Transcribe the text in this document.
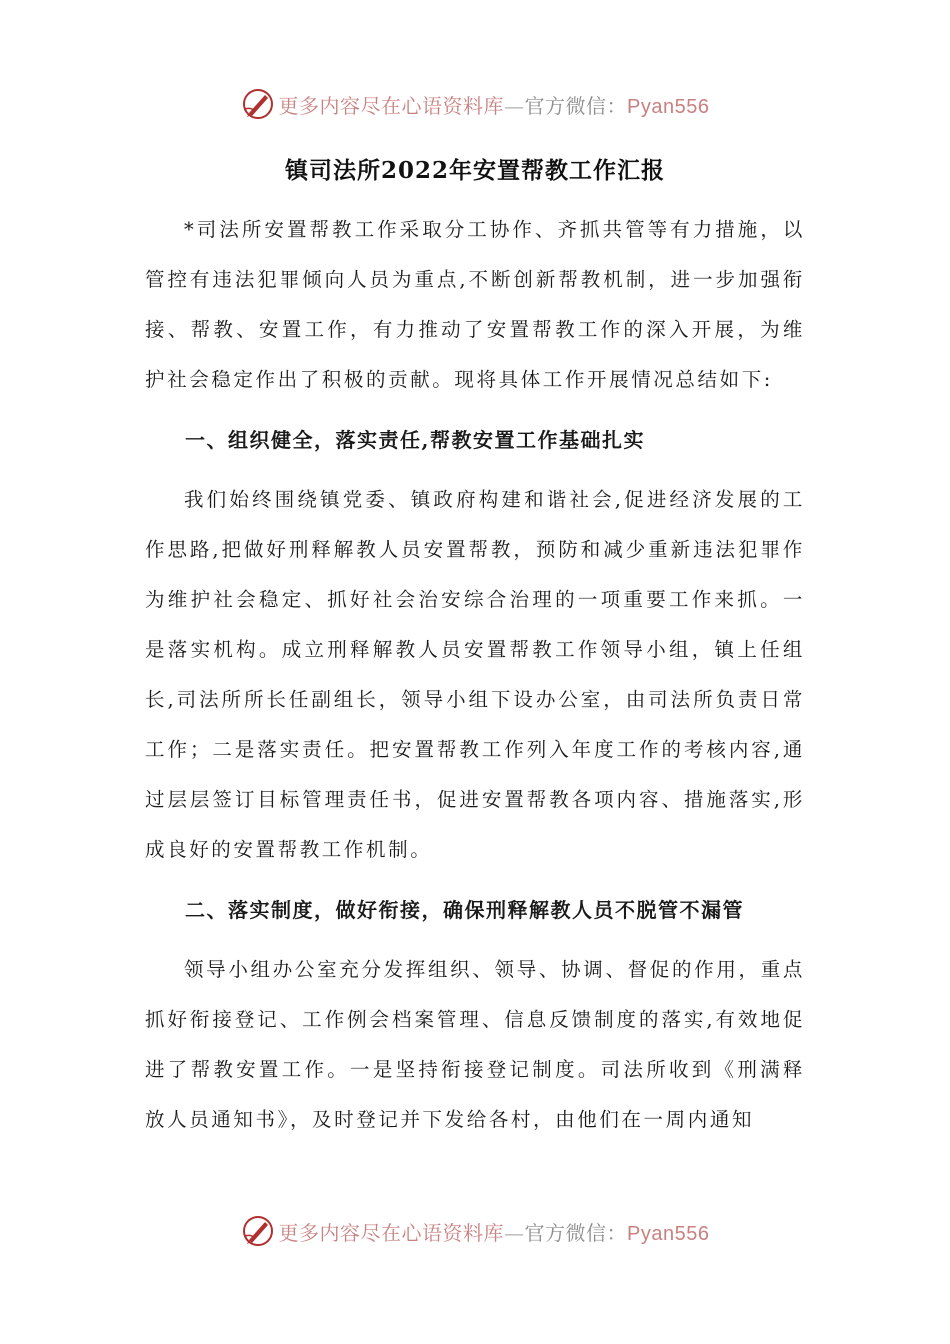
更多内容尽在心语资料库—官方微信：Pyan556
镇司法所2022年安置帮教工作汇报

*司法所安置帮教工作采取分工协作、齐抓共管等有力措施，以管控有违法犯罪倾向人员为重点,不断创新帮教机制，进一步加强衔接、帮教、安置工作，有力推动了安置帮教工作的深入开展，为维护社会稳定作出了积极的贡献。现将具体工作开展情况总结如下:

一、组织健全，落实责任,帮教安置工作基础扎实

我们始终围绕镇党委、镇政府构建和谐社会,促进经济发展的工作思路,把做好刑释解教人员安置帮教，预防和减少重新违法犯罪作为维护社会稳定、抓好社会治安综合治理的一项重要工作来抓。一是落实机构。成立刑释解教人员安置帮教工作领导小组，镇上任组长,司法所所长任副组长，领导小组下设办公室，由司法所负责日常工作；二是落实责任。把安置帮教工作列入年度工作的考核内容,通过层层签订目标管理责任书，促进安置帮教各项内容、措施落实,形成良好的安置帮教工作机制。

二、落实制度，做好衔接，确保刑释解教人员不脱管不漏管

领导小组办公室充分发挥组织、领导、协调、督促的作用，重点抓好衔接登记、工作例会档案管理、信息反馈制度的落实,有效地促进了帮教安置工作。一是坚持衔接登记制度。司法所收到《刑满释放人员通知书》，及时登记并下发给各村，由他们在一周内通知

更多内容尽在心语资料库—官方微信：Pyan556
